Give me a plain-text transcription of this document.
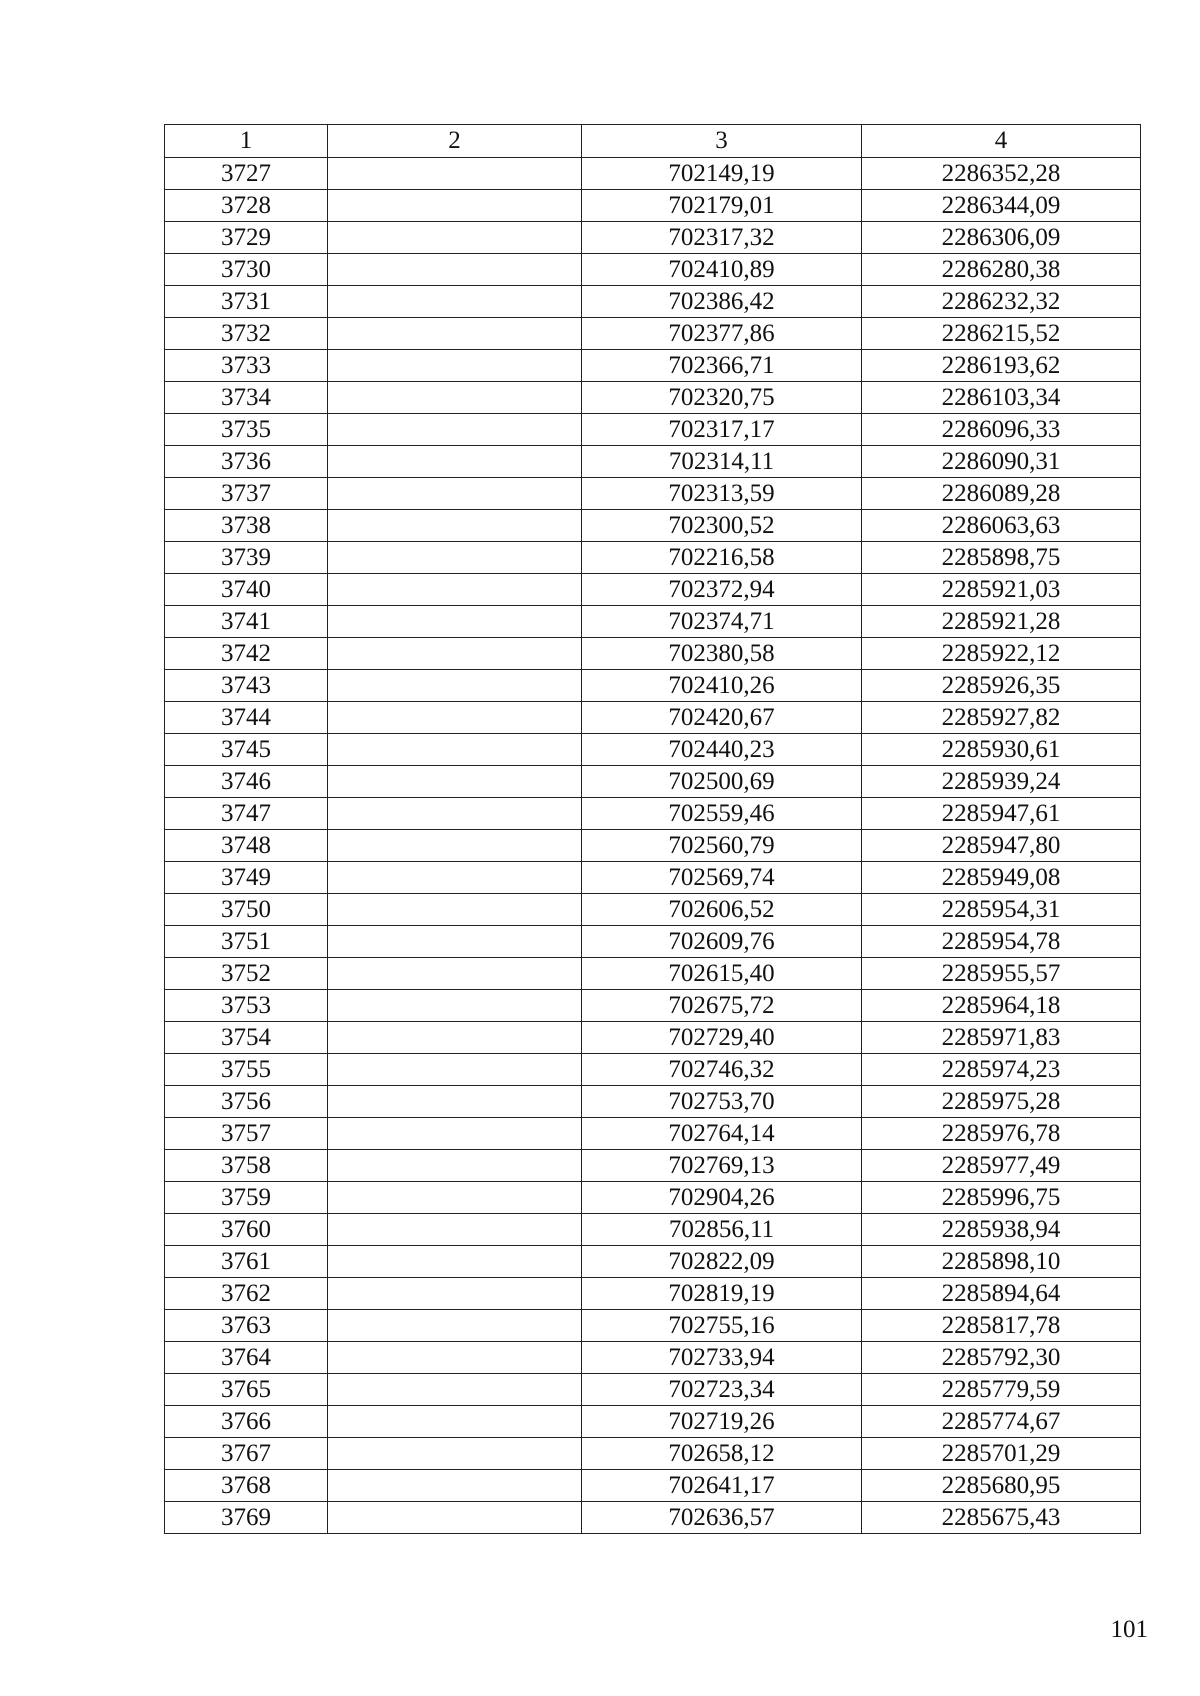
1	2	3	4
3727		702149,19	2286352,28
3728		702179,01	2286344,09
3729		702317,32	2286306,09
3730		702410,89	2286280,38
3731		702386,42	2286232,32
3732		702377,86	2286215,52
3733		702366,71	2286193,62
3734		702320,75	2286103,34
3735		702317,17	2286096,33
3736		702314,11	2286090,31
3737		702313,59	2286089,28
3738		702300,52	2286063,63
3739		702216,58	2285898,75
3740		702372,94	2285921,03
3741		702374,71	2285921,28
3742		702380,58	2285922,12
3743		702410,26	2285926,35
3744		702420,67	2285927,82
3745		702440,23	2285930,61
3746		702500,69	2285939,24
3747		702559,46	2285947,61
3748		702560,79	2285947,80
3749		702569,74	2285949,08
3750		702606,52	2285954,31
3751		702609,76	2285954,78
3752		702615,40	2285955,57
3753		702675,72	2285964,18
3754		702729,40	2285971,83
3755		702746,32	2285974,23
3756		702753,70	2285975,28
3757		702764,14	2285976,78
3758		702769,13	2285977,49
3759		702904,26	2285996,75
3760		702856,11	2285938,94
3761		702822,09	2285898,10
3762		702819,19	2285894,64
3763		702755,16	2285817,78
3764		702733,94	2285792,30
3765		702723,34	2285779,59
3766		702719,26	2285774,67
3767		702658,12	2285701,29
3768		702641,17	2285680,95
3769		702636,57	2285675,43
101
